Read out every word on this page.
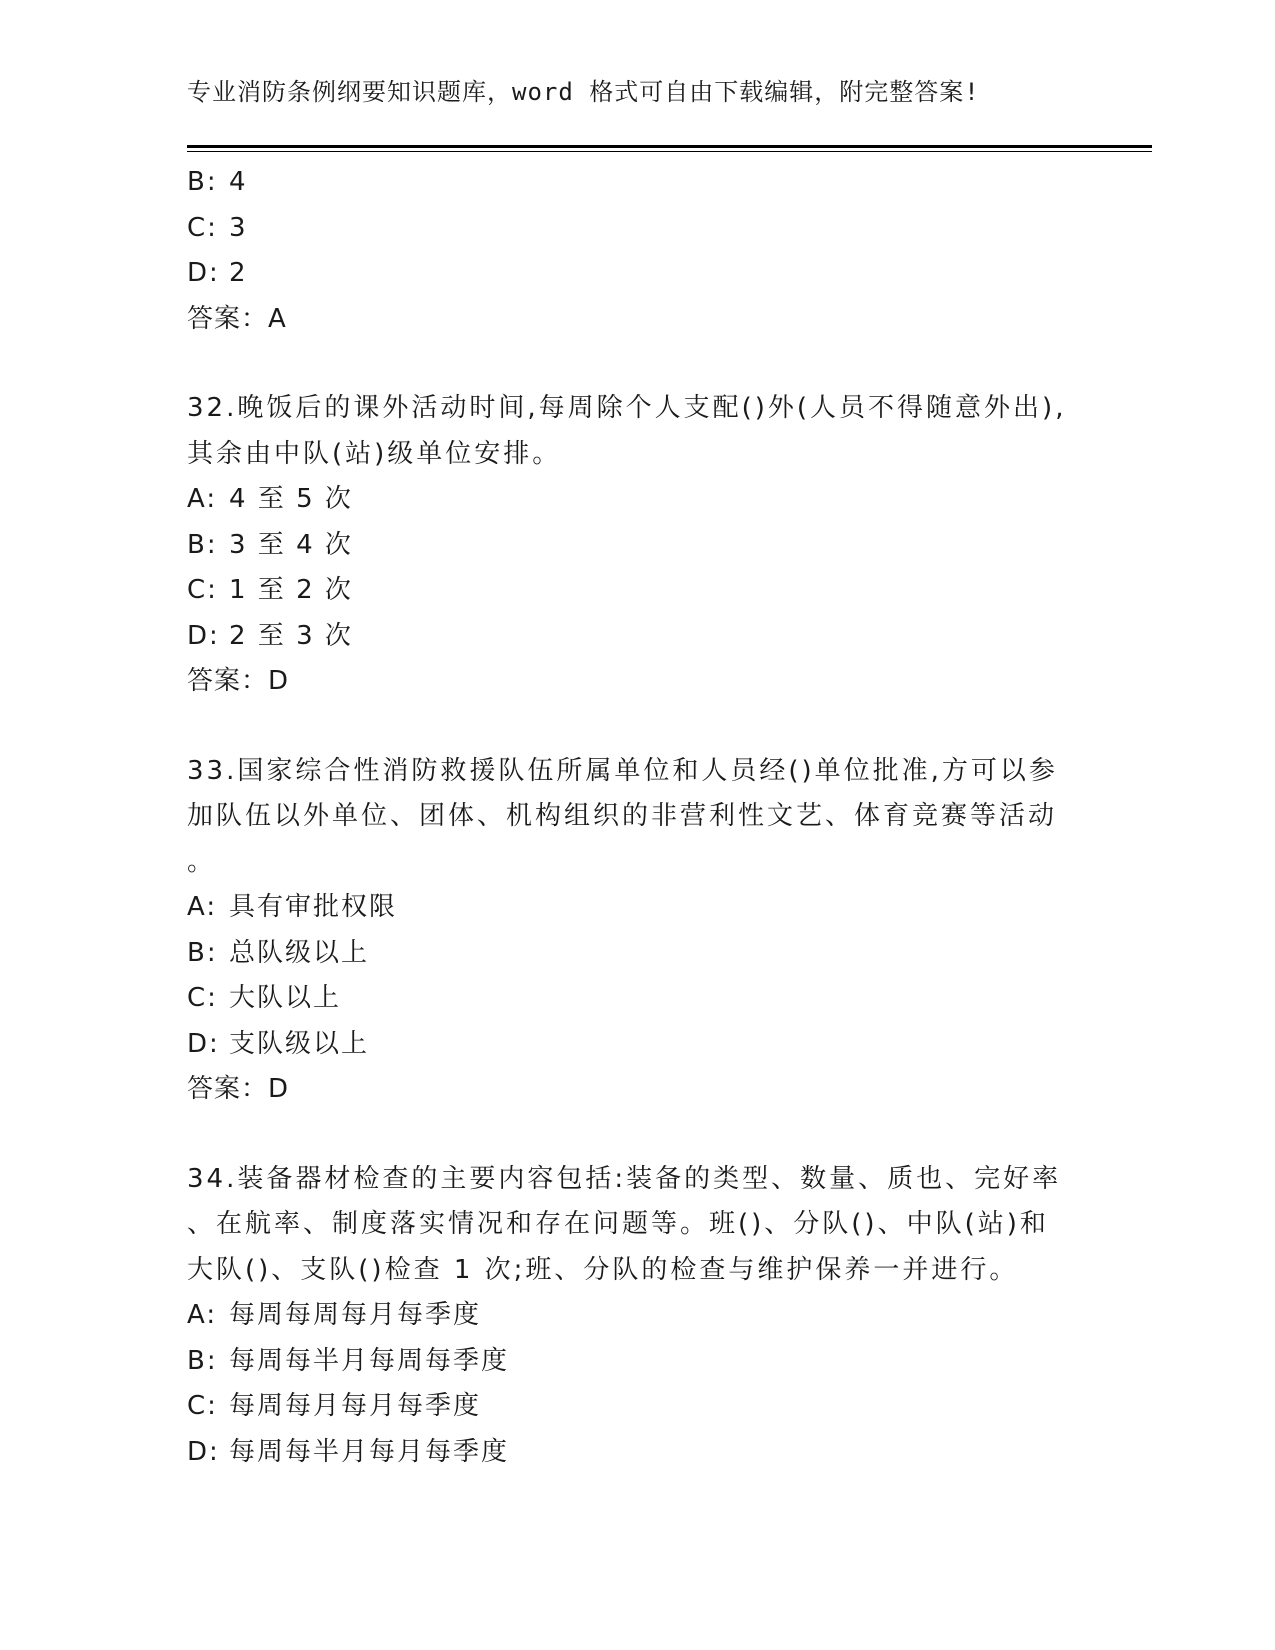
专业消防条例纲要知识题库，word 格式可自由下载编辑，附完整答案!
B: 4
C: 3
D: 2
答案：A
32.晚饭后的课外活动时间,每周除个人支配()外(人员不得随意外出),
其余由中队(站)级单位安排。
A: 4 至 5 次
B: 3 至 4 次
C: 1 至 2 次
D: 2 至 3 次
答案：D
33.国家综合性消防救援队伍所属单位和人员经()单位批准,方可以参
加队伍以外单位、团体、机构组织的非营利性文艺、体育竞赛等活动
。
A: 具有审批权限
B: 总队级以上
C: 大队以上
D: 支队级以上
答案：D
34.装备器材检查的主要内容包括:装备的类型、数量、质也、完好率
、在航率、制度落实情况和存在问题等。班()、分队()、中队(站)和
大队()、支队()检查 1 次;班、分队的检查与维护保养一并进行。
A: 每周每周每月每季度
B: 每周每半月每周每季度
C: 每周每月每月每季度
D: 每周每半月每月每季度
